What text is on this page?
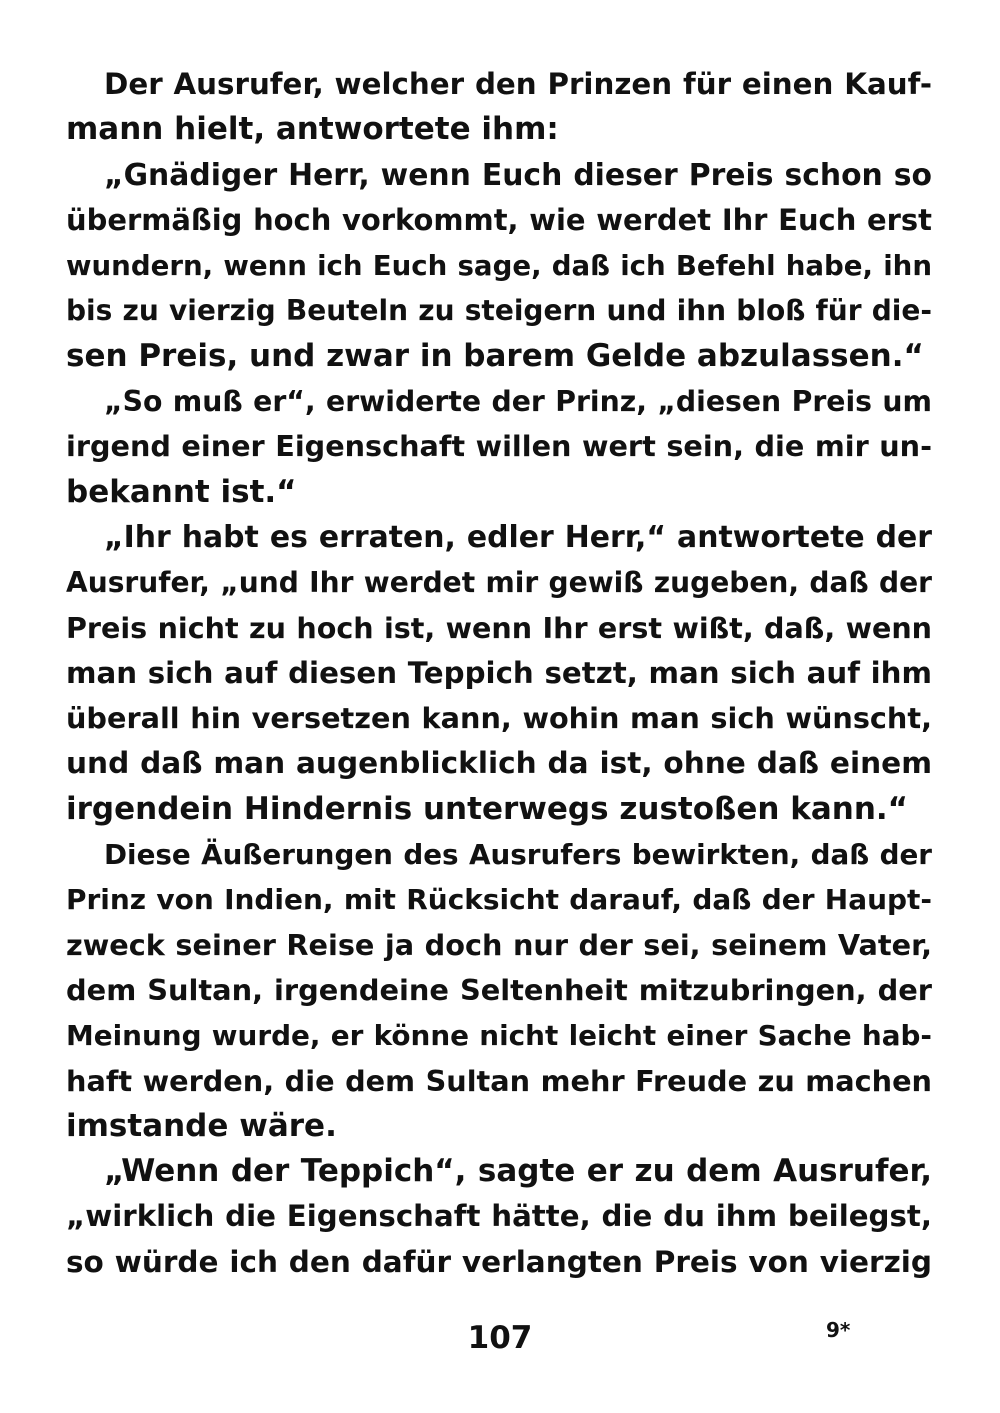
Der Ausrufer, welcher den Prinzen für einen Kauf-
mann hielt, antwortete ihm:
„Gnädiger Herr, wenn Euch dieser Preis schon so
übermäßig hoch vorkommt, wie werdet Ihr Euch erst
wundern, wenn ich Euch sage, daß ich Befehl habe, ihn
bis zu vierzig Beuteln zu steigern und ihn bloß für die-
sen Preis, und zwar in barem Gelde abzulassen.“
„So muß er“, erwiderte der Prinz, „diesen Preis um
irgend einer Eigenschaft willen wert sein, die mir un-
bekannt ist.“
„Ihr habt es erraten, edler Herr,“ antwortete der
Ausrufer, „und Ihr werdet mir gewiß zugeben, daß der
Preis nicht zu hoch ist, wenn Ihr erst wißt, daß, wenn
man sich auf diesen Teppich setzt, man sich auf ihm
überall hin versetzen kann, wohin man sich wünscht,
und daß man augenblicklich da ist, ohne daß einem
irgendein Hindernis unterwegs zustoßen kann.“
Diese Äußerungen des Ausrufers bewirkten, daß der
Prinz von Indien, mit Rücksicht darauf, daß der Haupt-
zweck seiner Reise ja doch nur der sei, seinem Vater,
dem Sultan, irgendeine Seltenheit mitzubringen, der
Meinung wurde, er könne nicht leicht einer Sache hab-
haft werden, die dem Sultan mehr Freude zu machen
imstande wäre.
„Wenn der Teppich“, sagte er zu dem Ausrufer,
„wirklich die Eigenschaft hätte, die du ihm beilegst,
so würde ich den dafür verlangten Preis von vierzig
107	9*
